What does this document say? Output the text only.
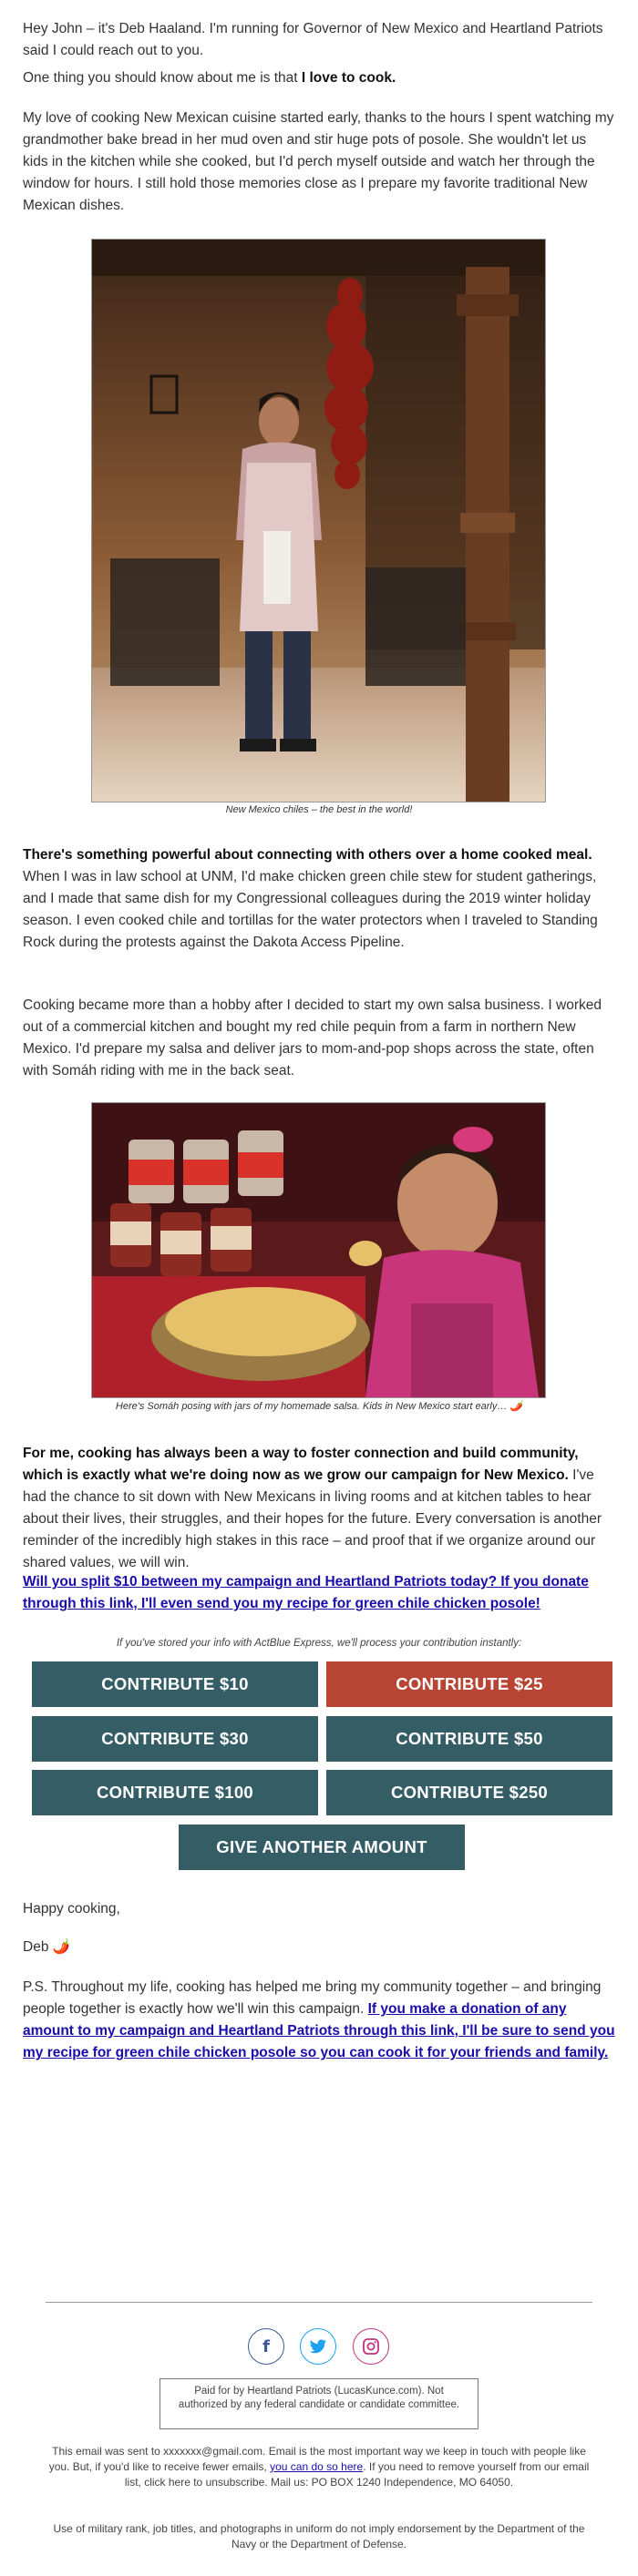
Hey John – it's Deb Haaland. I'm running for Governor of New Mexico and Heartland Patriots said I could reach out to you.

One thing you should know about me is that I love to cook.

My love of cooking New Mexican cuisine started early, thanks to the hours I spent watching my grandmother bake bread in her mud oven and stir huge pots of posole. She wouldn't let us kids in the kitchen while she cooked, but I'd perch myself outside and watch her through the window for hours. I still hold those memories close as I prepare my favorite traditional New Mexican dishes.

New Mexico chiles – the best in the world!

There's something powerful about connecting with others over a home cooked meal. When I was in law school at UNM, I'd make chicken green chile stew for student gatherings, and I made that same dish for my Congressional colleagues during the 2019 winter holiday season. I even cooked chile and tortillas for the water protectors when I traveled to Standing Rock during the protests against the Dakota Access Pipeline.

Cooking became more than a hobby after I decided to start my own salsa business. I worked out of a commercial kitchen and bought my red chile pequin from a farm in northern New Mexico. I'd prepare my salsa and deliver jars to mom-and-pop shops across the state, often with Somáh riding with me in the back seat.

Here's Somáh posing with jars of my homemade salsa. Kids in New Mexico start early… 🌶️

For me, cooking has always been a way to foster connection and build community, which is exactly what we're doing now as we grow our campaign for New Mexico. I've had the chance to sit down with New Mexicans in living rooms and at kitchen tables to hear about their lives, their struggles, and their hopes for the future. Every conversation is another reminder of the incredibly high stakes in this race – and proof that if we organize around our shared values, we will win.

Will you split $10 between my campaign and Heartland Patriots today? If you donate through this link, I'll even send you my recipe for green chile chicken posole!

If you've stored your info with ActBlue Express, we'll process your contribution instantly:
CONTRIBUTE $10	CONTRIBUTE $25
CONTRIBUTE $30	CONTRIBUTE $50
CONTRIBUTE $100	CONTRIBUTE $250
GIVE ANOTHER AMOUNT

Happy cooking,

Deb 🌶️

P.S. Throughout my life, cooking has helped me bring my community together – and bringing people together is exactly how we'll win this campaign. If you make a donation of any amount to my campaign and Heartland Patriots through this link, I'll be sure to send you my recipe for green chile chicken posole so you can cook it for your friends and family.

f
Paid for by Heartland Patriots (LucasKunce.com). Not authorized by any federal candidate or candidate committee.
This email was sent to xxxxxxx@gmail.com. Email is the most important way we keep in touch with people like you. But, if you'd like to receive fewer emails, you can do so here. If you need to remove yourself from our email list, click here to unsubscribe. Mail us: PO BOX 1240 Independence, MO 64050.
Use of military rank, job titles, and photographs in uniform do not imply endorsement by the Department of the Navy or the Department of Defense.
